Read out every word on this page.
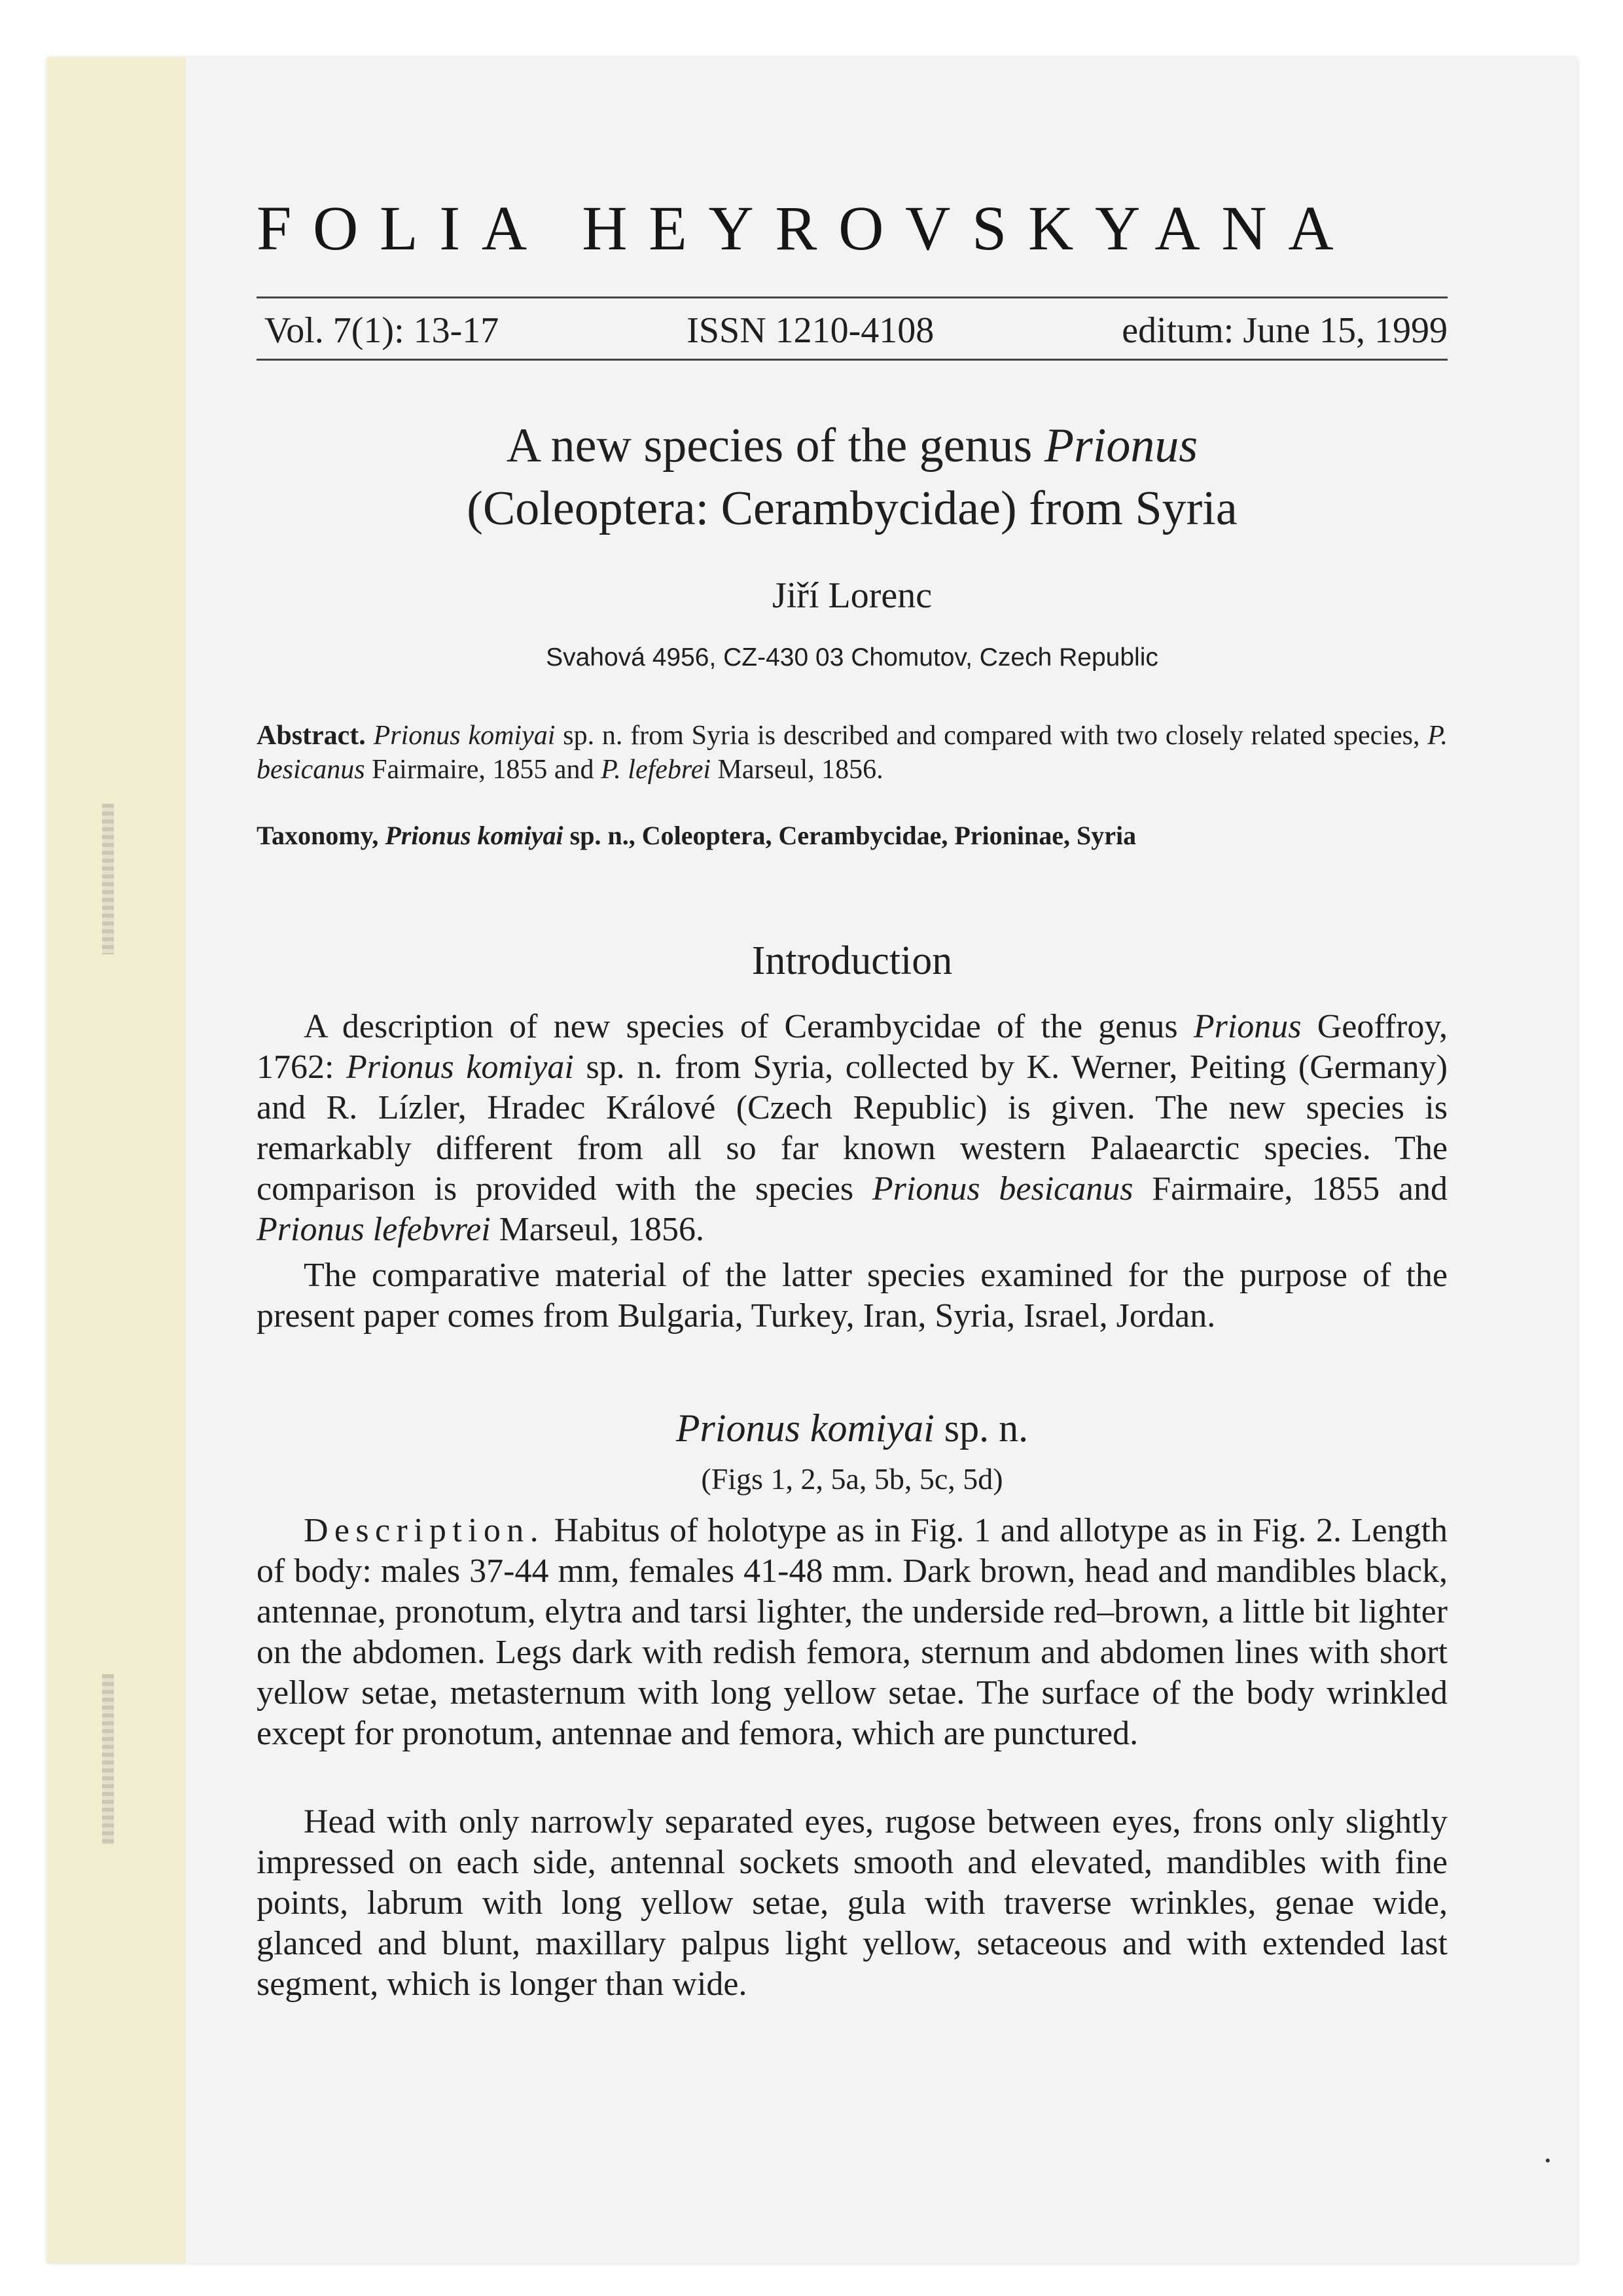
FOLIA HEYROVSKYANA
Vol. 7(1): 13-17	ISSN 1210-4108	editum: June 15, 1999
A new species of the genus Prionus
(Coleoptera: Cerambycidae) from Syria
Jiří Lorenc
Svahová 4956, CZ-430 03 Chomutov, Czech Republic
Abstract. Prionus komiyai sp. n. from Syria is described and compared with two closely related species, P. besicanus Fairmaire, 1855 and P. lefebrei Marseul, 1856.
Taxonomy, Prionus komiyai sp. n., Coleoptera, Cerambycidae, Prioninae, Syria
Introduction

A description of new species of Cerambycidae of the genus Prionus Geoffroy, 1762: Prionus komiyai sp. n. from Syria, collected by K. Werner, Peiting (Germany) and R. Lízler, Hradec Králové (Czech Republic) is given. The new species is remarkably different from all so far known western Palaearctic species. The comparison is provided with the species Prionus besicanus Fairmaire, 1855 and Prionus lefebvrei Marseul, 1856.

The comparative material of the latter species examined for the purpose of the present paper comes from Bulgaria, Turkey, Iran, Syria, Israel, Jordan.

Prionus komiyai sp. n.
(Figs 1, 2, 5a, 5b, 5c, 5d)

Description. Habitus of holotype as in Fig. 1 and allotype as in Fig. 2. Length of body: males 37-44 mm, females 41-48 mm. Dark brown, head and mandibles black, antennae, pronotum, elytra and tarsi lighter, the underside red–brown, a little bit lighter on the abdomen. Legs dark with redish femora, sternum and abdomen lines with short yellow setae, metasternum with long yellow setae. The surface of the body wrinkled except for pronotum, antennae and femora, which are punctured.

Head with only narrowly separated eyes, rugose between eyes, frons only slightly impressed on each side, antennal sockets smooth and elevated, mandibles with fine points, labrum with long yellow setae, gula with traverse wrinkles, genae wide, glanced and blunt, maxillary palpus light yellow, setaceous and with extended last segment, which is longer than wide.
